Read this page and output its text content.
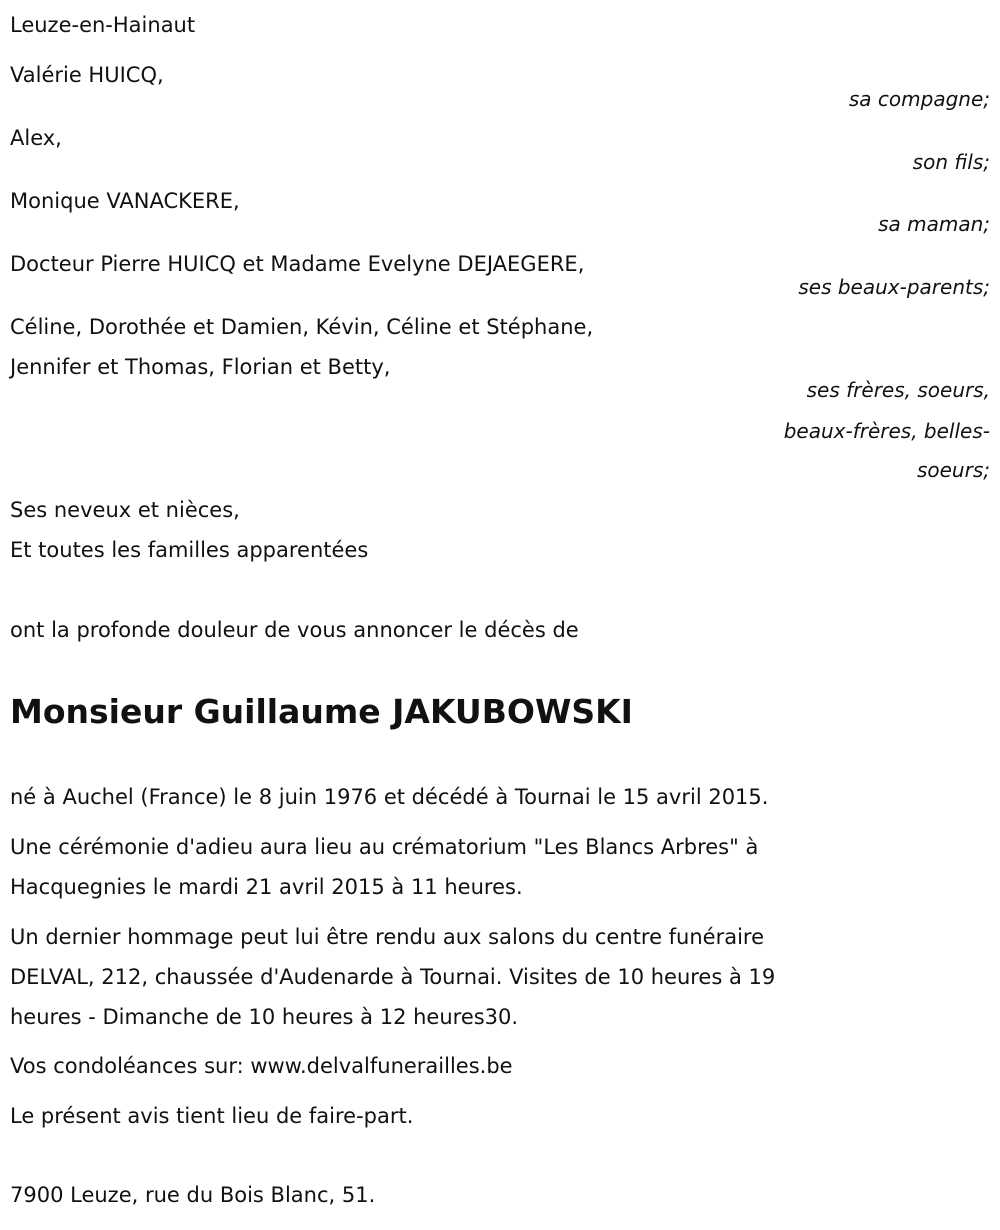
Leuze-en-Hainaut
Valérie HUICQ,
sa compagne;
Alex,
son fils;
Monique VANACKERE,
sa maman;
Docteur Pierre HUICQ et Madame Evelyne DEJAEGERE,
ses beaux-parents;
Céline, Dorothée et Damien, Kévin, Céline et Stéphane,
Jennifer et Thomas, Florian et Betty,
ses frères, soeurs,
beaux-frères, belles-
soeurs;
Ses neveux et nièces,
Et toutes les familles apparentées
ont la profonde douleur de vous annoncer le décès de
Monsieur Guillaume JAKUBOWSKI
né à Auchel (France) le 8 juin 1976 et décédé à Tournai le 15 avril 2015.
Une cérémonie d'adieu aura lieu au crématorium "Les Blancs Arbres" à
Hacquegnies le mardi 21 avril 2015 à 11 heures.
Un dernier hommage peut lui être rendu aux salons du centre funéraire
DELVAL, 212, chaussée d'Audenarde à Tournai. Visites de 10 heures à 19
heures - Dimanche de 10 heures à 12 heures30.
Vos condoléances sur: www.delvalfunerailles.be
Le présent avis tient lieu de faire-part.
7900 Leuze, rue du Bois Blanc, 51.
